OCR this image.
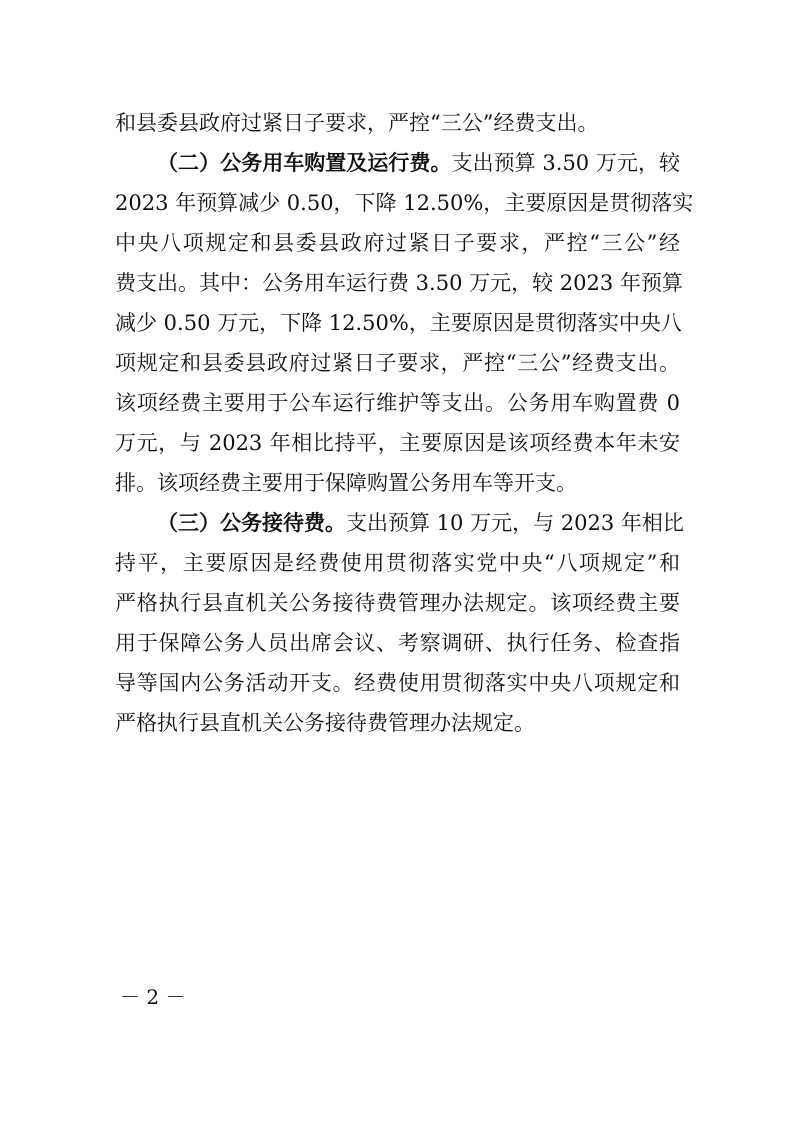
和县委县政府过紧日子要求，严控“三公”经费支出。
（二）公务用车购置及运行费。支出预算 3.50 万元，较
2023 年预算减少 0.50，下降 12.50%，主要原因是贯彻落实
中央八项规定和县委县政府过紧日子要求，严控“三公”经
费支出。其中：公务用车运行费 3.50 万元，较 2023 年预算
减少 0.50 万元，下降 12.50%，主要原因是贯彻落实中央八
项规定和县委县政府过紧日子要求，严控“三公”经费支出。
该项经费主要用于公车运行维护等支出。公务用车购置费 0
万元，与 2023 年相比持平，主要原因是该项经费本年未安
排。该项经费主要用于保障购置公务用车等开支。
（三）公务接待费。支出预算 10 万元，与 2023 年相比
持平，主要原因是经费使用贯彻落实党中央“八项规定”和
严格执行县直机关公务接待费管理办法规定。该项经费主要
用于保障公务人员出席会议、考察调研、执行任务、检查指
导等国内公务活动开支。经费使用贯彻落实中央八项规定和
严格执行县直机关公务接待费管理办法规定。
－ 2 －
